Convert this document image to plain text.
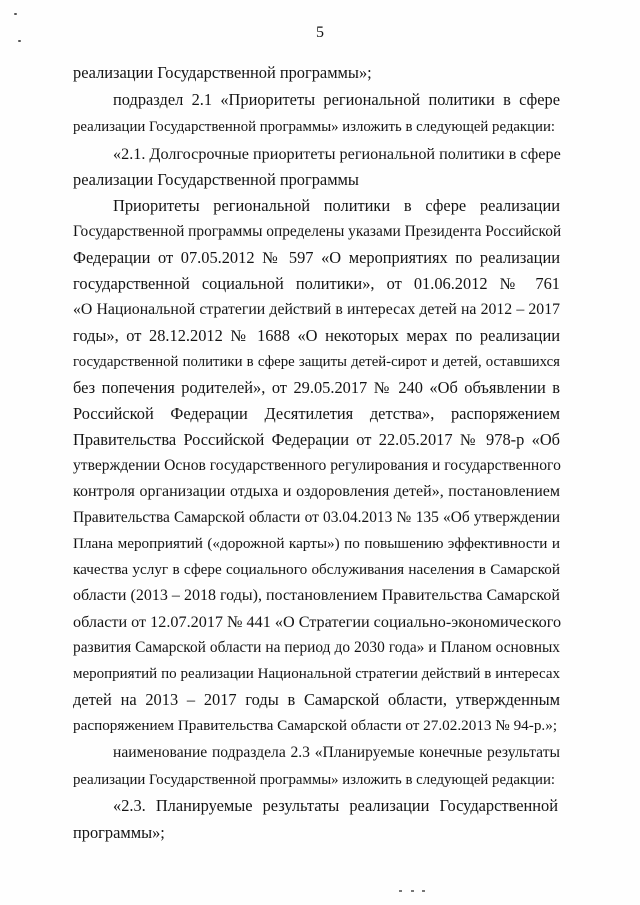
5
реализации Государственной программы»;
подраздел 2.1 «Приоритеты региональной политики в сфере
реализации Государственной программы» изложить в следующей редакции:
«2.1. Долгосрочные приоритеты региональной политики в сфере
реализации Государственной программы
Приоритеты региональной политики в сфере реализации
Государственной программы определены указами Президента Российской
Федерации от 07.05.2012 № 597 «О мероприятиях по реализации
государственной социальной политики», от 01.06.2012 № 761
«О Национальной стратегии действий в интересах детей на 2012 – 2017
годы», от 28.12.2012 № 1688 «О некоторых мерах по реализации
государственной политики в сфере защиты детей-сирот и детей, оставшихся
без попечения родителей», от 29.05.2017 № 240 «Об объявлении в
Российской Федерации Десятилетия детства», распоряжением
Правительства Российской Федерации от 22.05.2017 № 978-р «Об
утверждении Основ государственного регулирования и государственного
контроля организации отдыха и оздоровления детей», постановлением
Правительства Самарской области от 03.04.2013 № 135 «Об утверждении
Плана мероприятий («дорожной карты») по повышению эффективности и
качества услуг в сфере социального обслуживания населения в Самарской
области (2013 – 2018 годы), постановлением Правительства Самарской
области от 12.07.2017 № 441 «О Стратегии социально-экономического
развития Самарской области на период до 2030 года» и Планом основных
мероприятий по реализации Национальной стратегии действий в интересах
детей на 2013 – 2017 годы в Самарской области, утвержденным
распоряжением Правительства Самарской области от 27.02.2013 № 94-р.»;
наименование подраздела 2.3 «Планируемые конечные результаты
реализации Государственной программы» изложить в следующей редакции:
«2.3. Планируемые результаты реализации Государственной
программы»;
